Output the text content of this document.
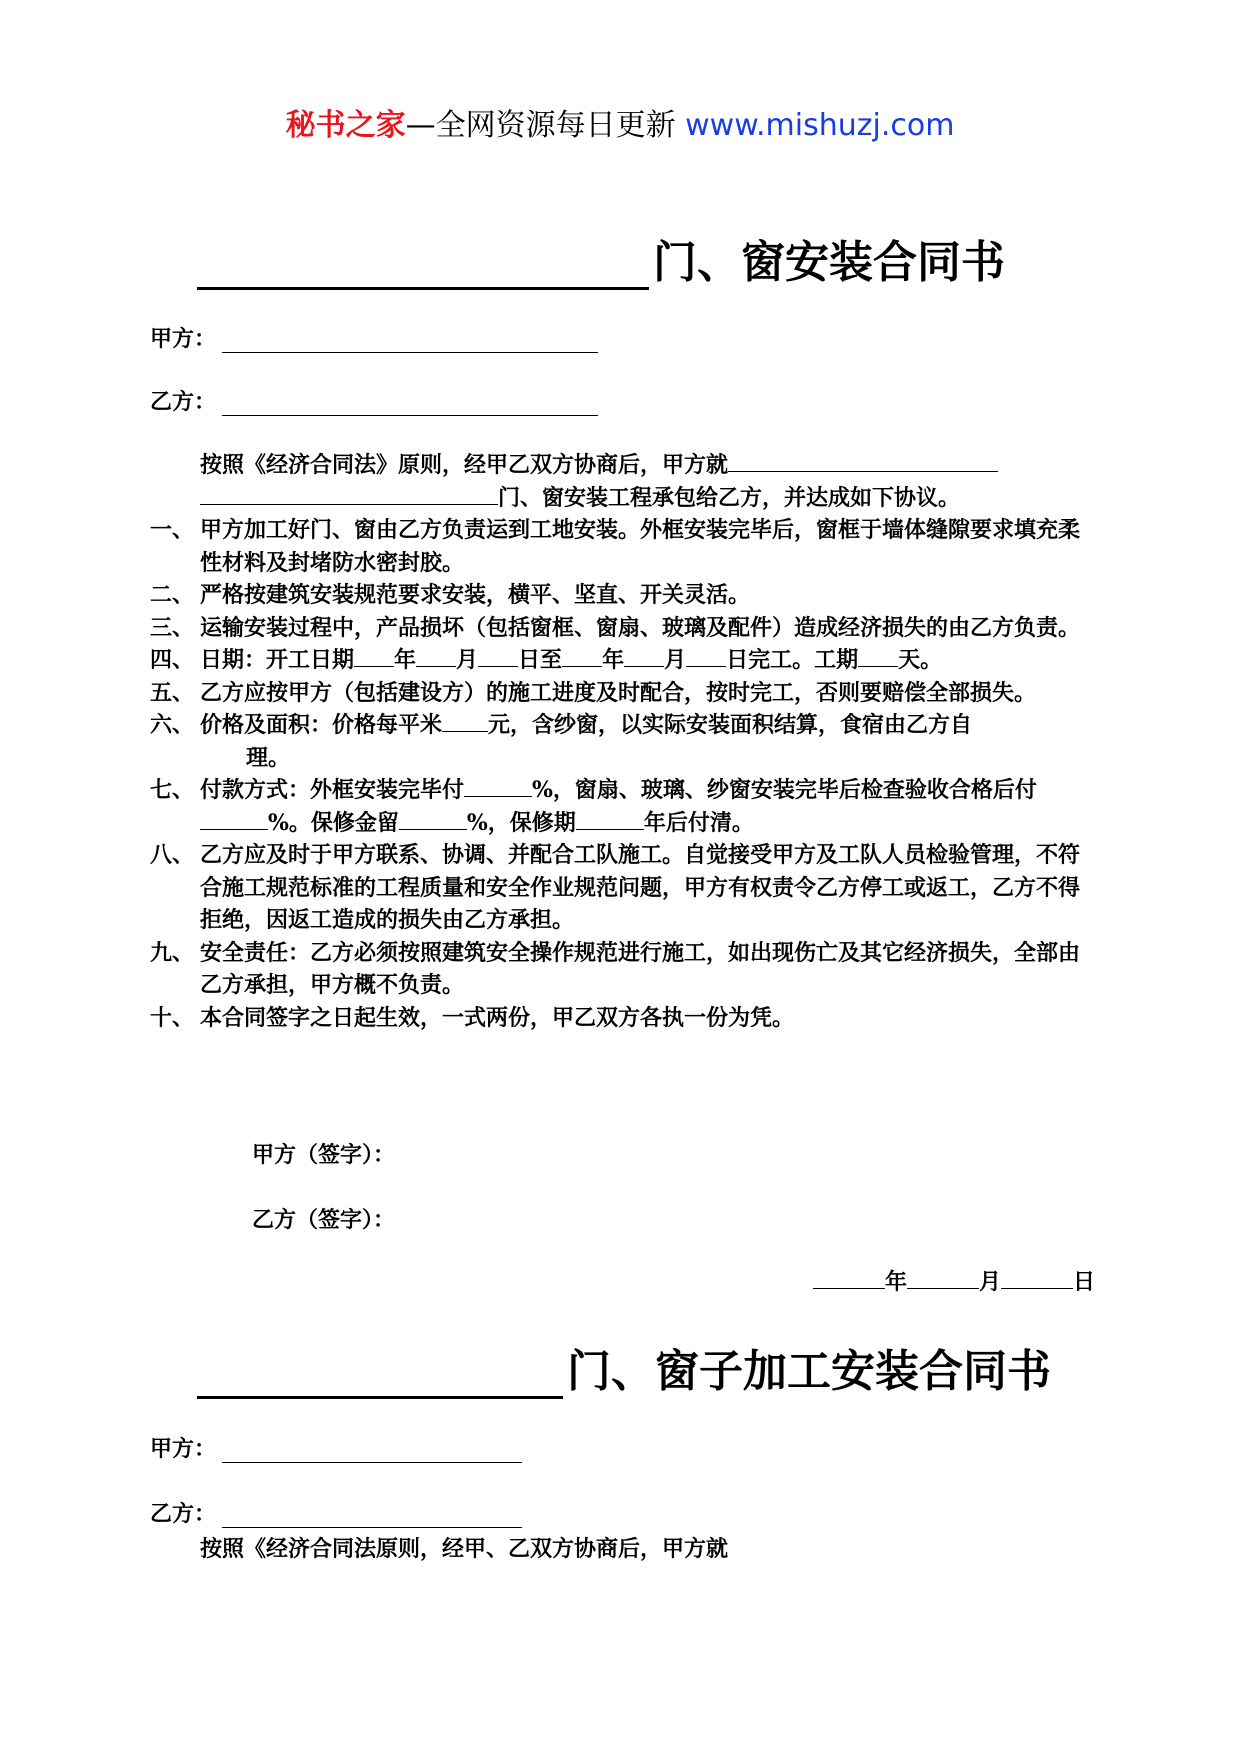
秘书之家—全网资源每日更新 www.mishuzj.com
门、窗安装合同书
甲方：
乙方：
按照《经济合同法》原则，经甲乙双方协商后，甲方就
门、窗安装工程承包给乙方，并达成如下协议。
一、 甲方加工好门、窗由乙方负责运到工地安装。外框安装完毕后，窗框于墙体缝隙要求填充柔性材料及封堵防水密封胶。
二、 严格按建筑安装规范要求安装，横平、坚直、开关灵活。
三、 运输安装过程中，产品损坏（包括窗框、窗扇、玻璃及配件）造成经济损失的由乙方负责。
四、 日期：开工日期 年 月 日至 年 月 日完工。工期 天。
五、 乙方应按甲方（包括建设方）的施工进度及时配合，按时完工，否则要赔偿全部损失。
六、 价格及面积：价格每平米 元，含纱窗，以实际安装面积结算，食宿由乙方自
理。
七、 付款方式：外框安装完毕付	%，窗扇、玻璃、纱窗安装完毕后检查验收合格后付%。保修金留	%，保修期	年后付清。
八、 乙方应及时于甲方联系、协调、并配合工队施工。自觉接受甲方及工队人员检验管理，不符合施工规范标准的工程质量和安全作业规范问题，甲方有权责令乙方停工或返工，乙方不得拒绝，因返工造成的损失由乙方承担。
九、 安全责任：乙方必须按照建筑安全操作规范进行施工，如出现伤亡及其它经济损失，全部由乙方承担，甲方概不负责。
十、 本合同签字之日起生效，一式两份，甲乙双方各执一份为凭。
甲方（签字）：
乙方（签字）：
年	月	日
门、窗子加工安装合同书
甲方：
乙方：
按照《经济合同法原则，经甲、乙双方协商后，甲方就
